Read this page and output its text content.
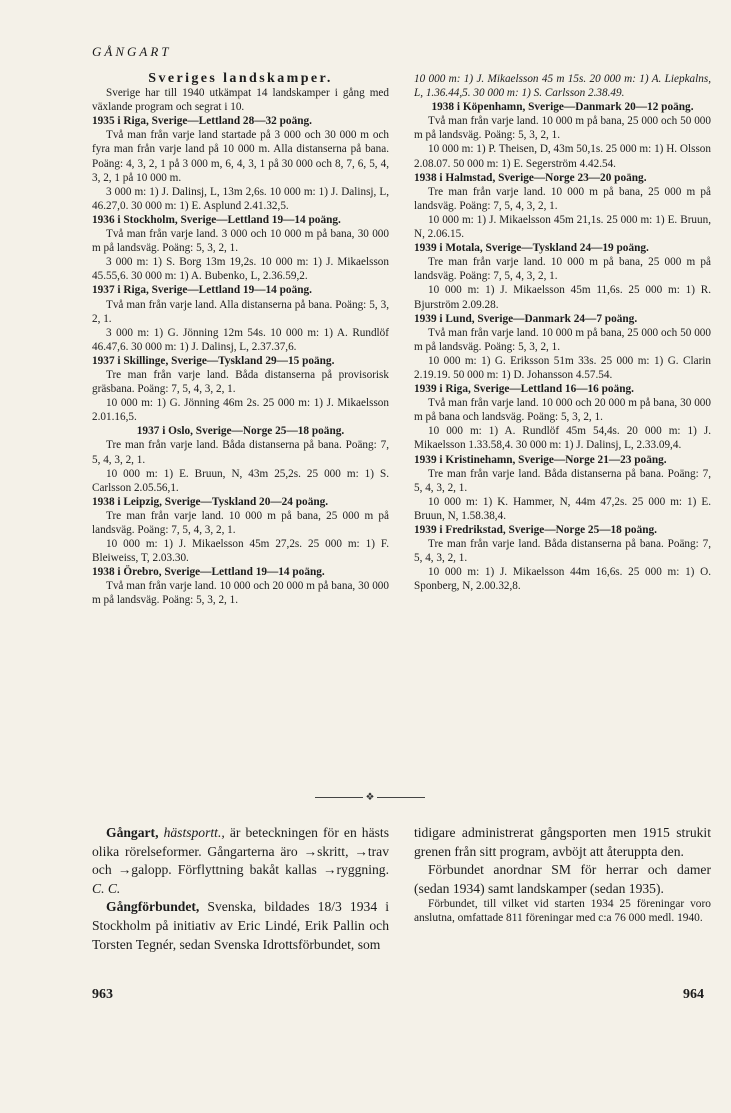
GÅNGART

Sveriges landskamper.

Sverige har till 1940 utkämpat 14 landskamper i gång med växlande program och segrat i 10.

1935 i Riga, Sverige—Lettland 28—32 poäng.

Två man från varje land startade på 3 000 och 30 000 m och fyra man från varje land på 10 000 m. Alla distanserna på bana. Poäng: 4, 3, 2, 1 på 3 000 m, 6, 4, 3, 1 på 30 000 och 8, 7, 6, 5, 4, 3, 2, 1 på 10 000 m.

3 000 m: 1) J. Dalinsj, L, 13m 2,6s. 10 000 m: 1) J. Dalinsj, L, 46.27,0. 30 000 m: 1) E. Asplund 2.41.32,5.

1936 i Stockholm, Sverige—Lettland 19—14 poäng.

Två man från varje land. 3 000 och 10 000 m på bana, 30 000 m på landsväg. Poäng: 5, 3, 2, 1.

3 000 m: 1) S. Borg 13m 19,2s. 10 000 m: 1) J. Mikaelsson 45.55,6. 30 000 m: 1) A. Bubenko, L, 2.36.59,2.

1937 i Riga, Sverige—Lettland 19—14 poäng.

Två man från varje land. Alla distanserna på bana. Poäng: 5, 3, 2, 1.

3 000 m: 1) G. Jönning 12m 54s. 10 000 m: 1) A. Rundlöf 46.47,6. 30 000 m: 1) J. Dalinsj, L, 2.37.37,6.

1937 i Skillinge, Sverige—Tyskland 29—15 poäng.

Tre man från varje land. Båda distanserna på provisorisk gräsbana. Poäng: 7, 5, 4, 3, 2, 1.

10 000 m: 1) G. Jönning 46m 2s. 25 000 m: 1) J. Mikaelsson 2.01.16,5.

1937 i Oslo, Sverige—Norge 25—18 poäng.

Tre man från varje land. Båda distanserna på bana. Poäng: 7, 5, 4, 3, 2, 1.

10 000 m: 1) E. Bruun, N, 43m 25,2s. 25 000 m: 1) S. Carlsson 2.05.56,1.

1938 i Leipzig, Sverige—Tyskland 20—24 poäng.

Tre man från varje land. 10 000 m på bana, 25 000 m på landsväg. Poäng: 7, 5, 4, 3, 2, 1.

10 000 m: 1) J. Mikaelsson 45m 27,2s. 25 000 m: 1) F. Bleiweiss, T, 2.03.30.

1938 i Örebro, Sverige—Lettland 19—14 poäng.

Två man från varje land. 10 000 och 20 000 m på bana, 30 000 m på landsväg. Poäng: 5, 3, 2, 1.

10 000 m: 1) J. Mikaelsson 45 m 15s. 20 000 m: 1) A. Liepkalns, L, 1.36.44,5. 30 000 m: 1) S. Carlsson 2.38.49.

1938 i Köpenhamn, Sverige—Danmark 20—12 poäng.

Två man från varje land. 10 000 m på bana, 25 000 och 50 000 m på landsväg. Poäng: 5, 3, 2, 1.

10 000 m: 1) P. Theisen, D, 43m 50,1s. 25 000 m: 1) H. Olsson 2.08.07. 50 000 m: 1) E. Segerström 4.42.54.

1938 i Halmstad, Sverige—Norge 23—20 poäng.

Tre man från varje land. 10 000 m på bana, 25 000 m på landsväg. Poäng: 7, 5, 4, 3, 2, 1.

10 000 m: 1) J. Mikaelsson 45m 21,1s. 25 000 m: 1) E. Bruun, N, 2.06.15.

1939 i Motala, Sverige—Tyskland 24—19 poäng.

Tre man från varje land. 10 000 m på bana, 25 000 m på landsväg. Poäng: 7, 5, 4, 3, 2, 1.

10 000 m: 1) J. Mikaelsson 45m 11,6s. 25 000 m: 1) R. Bjurström 2.09.28.

1939 i Lund, Sverige—Danmark 24—7 poäng.

Två man från varje land. 10 000 m på bana, 25 000 och 50 000 m på landsväg. Poäng: 5, 3, 2, 1.

10 000 m: 1) G. Eriksson 51m 33s. 25 000 m: 1) G. Clarin 2.19.19. 50 000 m: 1) D. Johansson 4.57.54.

1939 i Riga, Sverige—Lettland 16—16 poäng.

Två man från varje land. 10 000 och 20 000 m på bana, 30 000 m på bana och landsväg. Poäng: 5, 3, 2, 1.

10 000 m: 1) A. Rundlöf 45m 54,4s. 20 000 m: 1) J. Mikaelsson 1.33.58,4. 30 000 m: 1) J. Dalinsj, L, 2.33.09,4.

1939 i Kristinehamn, Sverige—Norge 21—23 poäng.

Tre man från varje land. Båda distanserna på bana. Poäng: 7, 5, 4, 3, 2, 1.

10 000 m: 1) K. Hammer, N, 44m 47,2s. 25 000 m: 1) E. Bruun, N, 1.58.38,4.

1939 i Fredrikstad, Sverige—Norge 25—18 poäng.

Tre man från varje land. Båda distanserna på bana. Poäng: 7, 5, 4, 3, 2, 1.

10 000 m: 1) J. Mikaelsson 44m 16,6s. 25 000 m: 1) O. Sponberg, N, 2.00.32,8.

❖

Gångart, hästsportt., är beteckningen för en hästs olika rörelseformer. Gångarterna äro →skritt, →trav och →galopp. Förflyttning bakåt kallas →ryggning. C. C.

Gångförbundet, Svenska, bildades 18/3 1934 i Stockholm på initiativ av Eric Lindé, Erik Pallin och Torsten Tegnér, sedan Svenska Idrottsförbundet, som

tidigare administrerat gångsporten men 1915 strukit grenen från sitt program, avböjt att återuppta den.

Förbundet anordnar SM för herrar och damer (sedan 1934) samt landskamper (sedan 1935).

Förbundet, till vilket vid starten 1934 25 föreningar voro anslutna, omfattade 811 föreningar med c:a 76 000 medl. 1940.

963	964
